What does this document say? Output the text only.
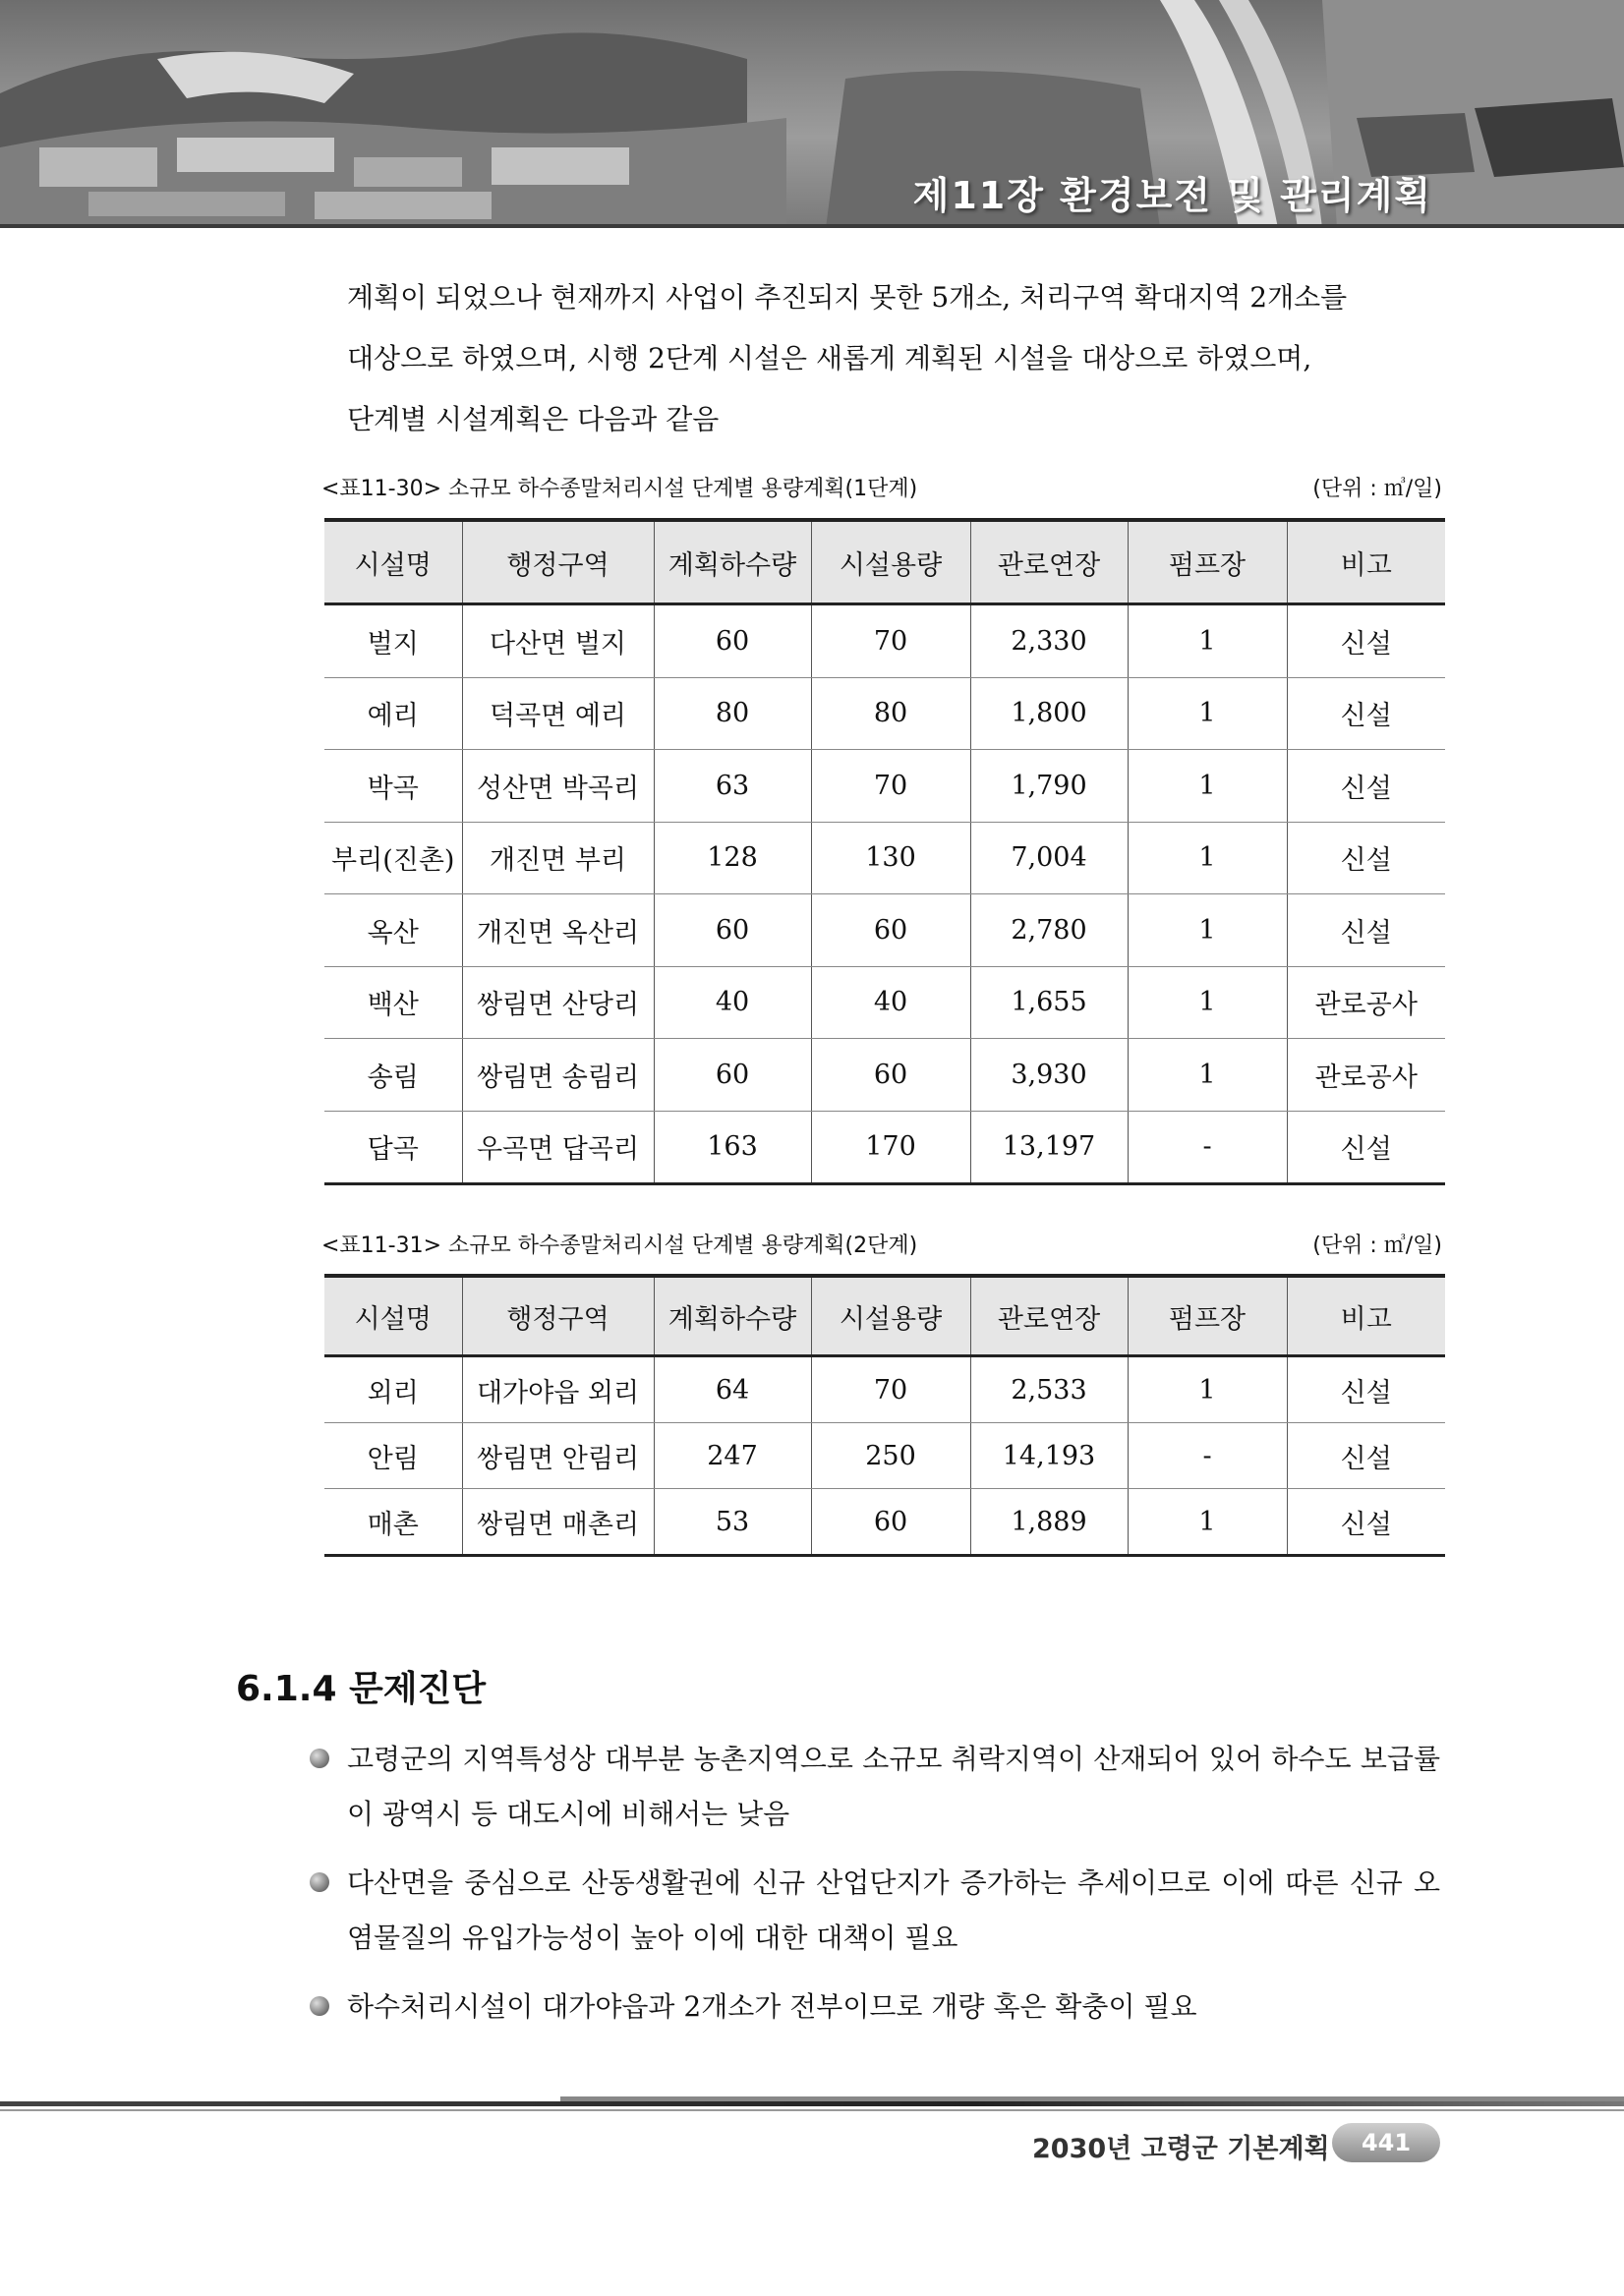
제11장 환경보전 및 관리계획

계획이 되었으나 현재까지 사업이 추진되지 못한 5개소, 처리구역 확대지역 2개소를

대상으로 하였으며, 시행 2단계 시설은 새롭게 계획된 시설을 대상으로 하였으며,

단계별 시설계획은 다음과 같음

<표11-30> 소규모 하수종말처리시설 단계별 용량계획(1단계)	(단위 : ㎥/일)
시설명	행정구역	계획하수량	시설용량	관로연장	펌프장	비고
벌지	다산면 벌지	60	70	2,330	1	신설
예리	덕곡면 예리	80	80	1,800	1	신설
박곡	성산면 박곡리	63	70	1,790	1	신설
부리(진촌)	개진면 부리	128	130	7,004	1	신설
옥산	개진면 옥산리	60	60	2,780	1	신설
백산	쌍림면 산당리	40	40	1,655	1	관로공사
송림	쌍림면 송림리	60	60	3,930	1	관로공사
답곡	우곡면 답곡리	163	170	13,197	-	신설
<표11-31> 소규모 하수종말처리시설 단계별 용량계획(2단계)	(단위 : ㎥/일)
시설명	행정구역	계획하수량	시설용량	관로연장	펌프장	비고
외리	대가야읍 외리	64	70	2,533	1	신설
안림	쌍림면 안림리	247	250	14,193	-	신설
매촌	쌍림면 매촌리	53	60	1,889	1	신설
6.1.4 문제진단
고령군의 지역특성상 대부분 농촌지역으로 소규모 취락지역이 산재되어 있어 하수도 보급률이 광역시 등 대도시에 비해서는 낮음
다산면을 중심으로 산동생활권에 신규 산업단지가 증가하는 추세이므로 이에 따른 신규 오염물질의 유입가능성이 높아 이에 대한 대책이 필요
하수처리시설이 대가야읍과 2개소가 전부이므로 개량 혹은 확충이 필요
2030년 고령군 기본계획	441
